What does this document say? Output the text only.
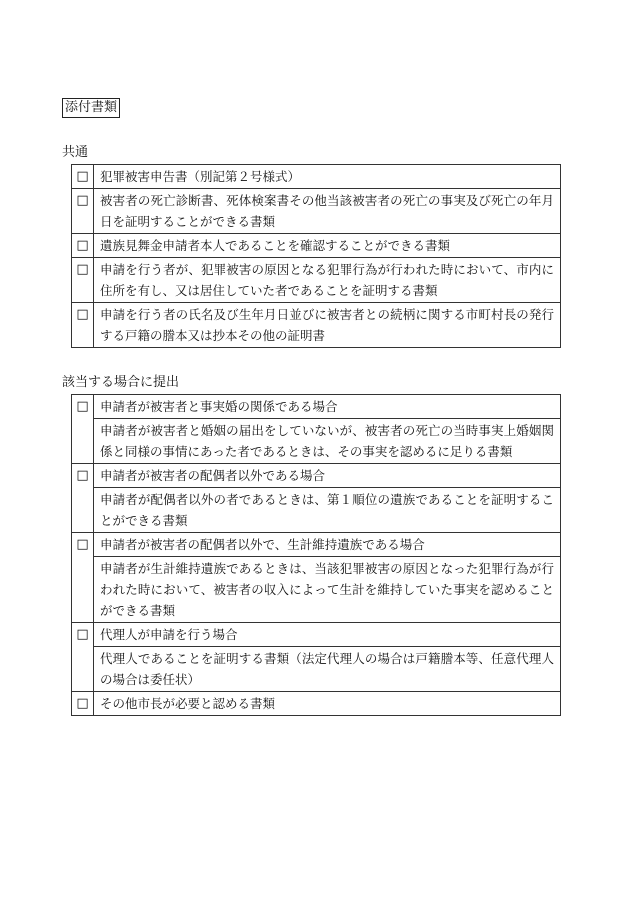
添付書類
共通
□	犯罪被害申告書（別記第２号様式）
□	被害者の死亡診断書、死体検案書その他当該被害者の死亡の事実及び死亡の年月日を証明することができる書類
□	遺族見舞金申請者本人であることを確認することができる書類
□	申請を行う者が、犯罪被害の原因となる犯罪行為が行われた時において、市内に住所を有し、又は居住していた者であることを証明する書類
□	申請を行う者の氏名及び生年月日並びに被害者との続柄に関する市町村長の発行する戸籍の謄本又は抄本その他の証明書
該当する場合に提出
□	申請者が被害者と事実婚の関係である場合
	申請者が被害者と婚姻の届出をしていないが、被害者の死亡の当時事実上婚姻関係と同様の事情にあった者であるときは、その事実を認めるに足りる書類
□	申請者が被害者の配偶者以外である場合
	申請者が配偶者以外の者であるときは、第１順位の遺族であることを証明することができる書類
□	申請者が被害者の配偶者以外で、生計維持遺族である場合
	申請者が生計維持遺族であるときは、当該犯罪被害の原因となった犯罪行為が行われた時において、被害者の収入によって生計を維持していた事実を認めることができる書類
□	代理人が申請を行う場合
	代理人であることを証明する書類（法定代理人の場合は戸籍謄本等、任意代理人の場合は委任状）
□	その他市長が必要と認める書類
